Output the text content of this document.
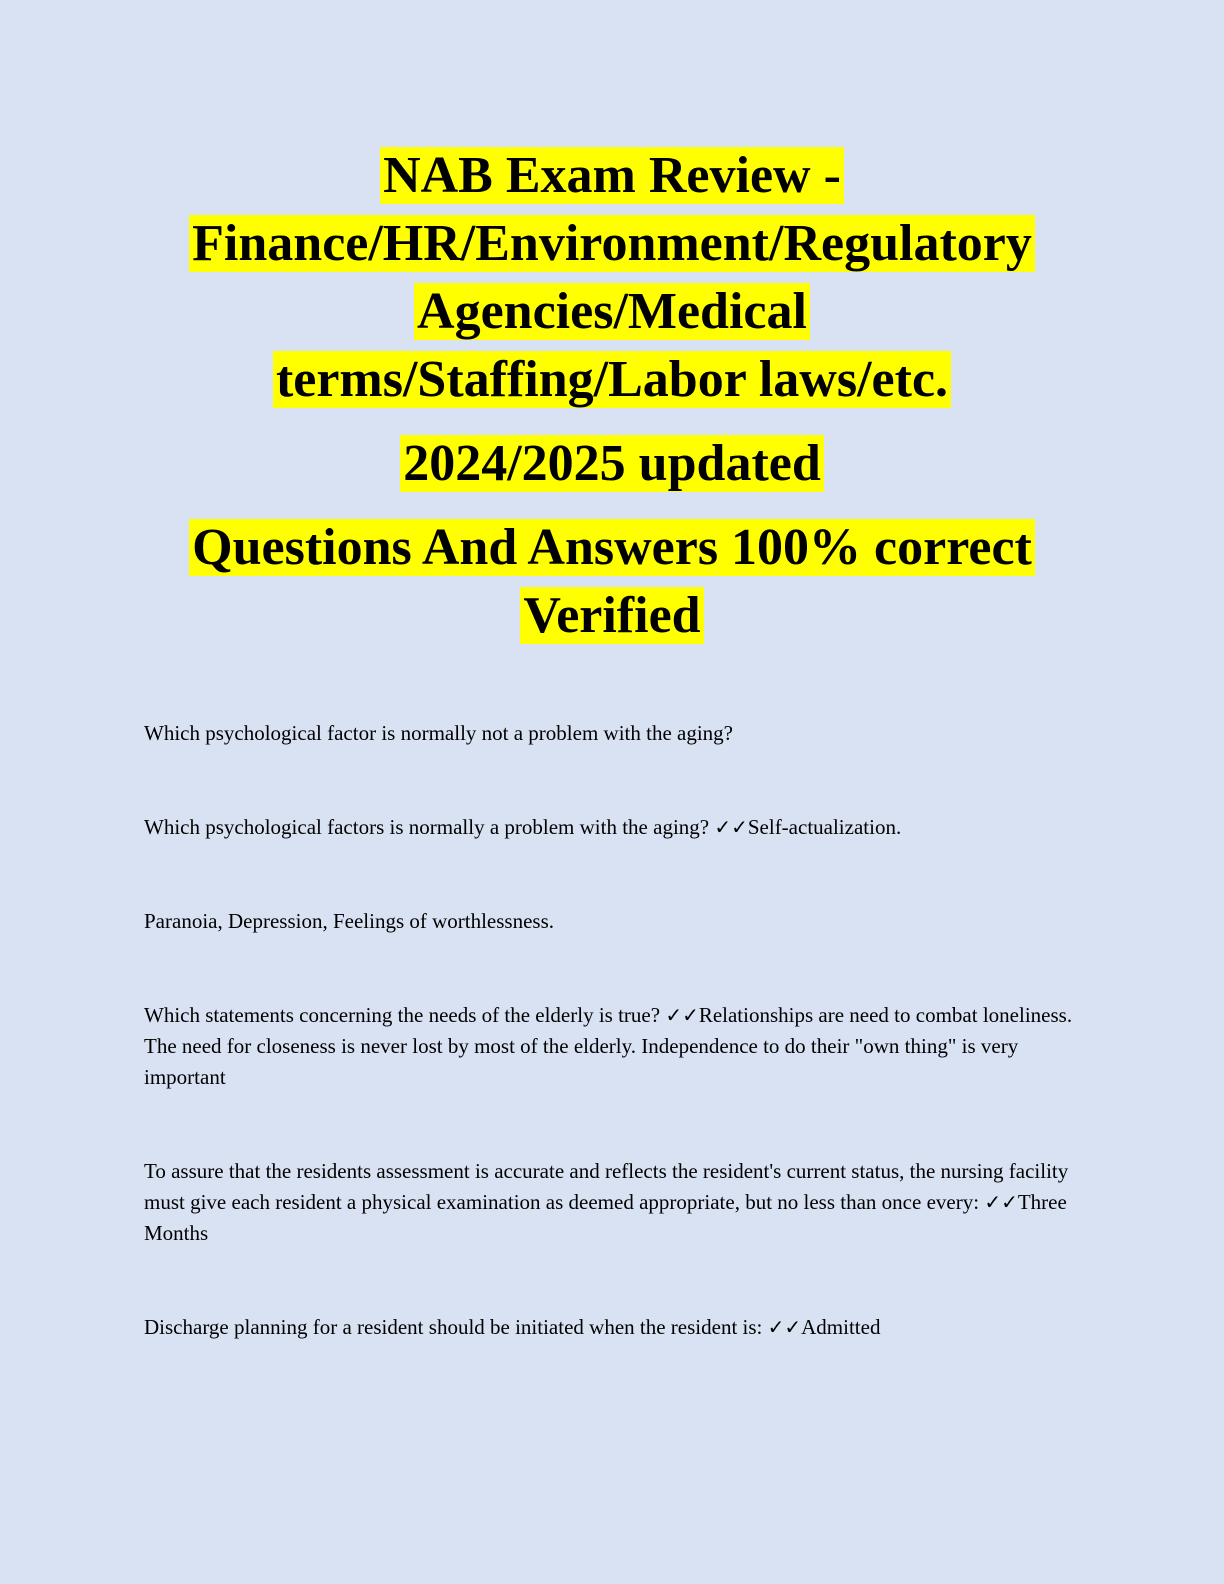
NAB Exam Review -
Finance/HR/Environment/Regulatory
Agencies/Medical
terms/Staffing/Labor laws/etc.
2024/2025 updated
Questions And Answers 100% correct
Verified

Which psychological factor is normally not a problem with the aging?

Which psychological factors is normally a problem with the aging? ✓✓Self-actualization.

Paranoia, Depression, Feelings of worthlessness.

Which statements concerning the needs of the elderly is true? ✓✓Relationships are need to combat loneliness. The need for closeness is never lost by most of the elderly. Independence to do their "own thing" is very important

To assure that the residents assessment is accurate and reflects the resident's current status, the nursing facility must give each resident a physical examination as deemed appropriate, but no less than once every: ✓✓Three Months

Discharge planning for a resident should be initiated when the resident is: ✓✓Admitted
